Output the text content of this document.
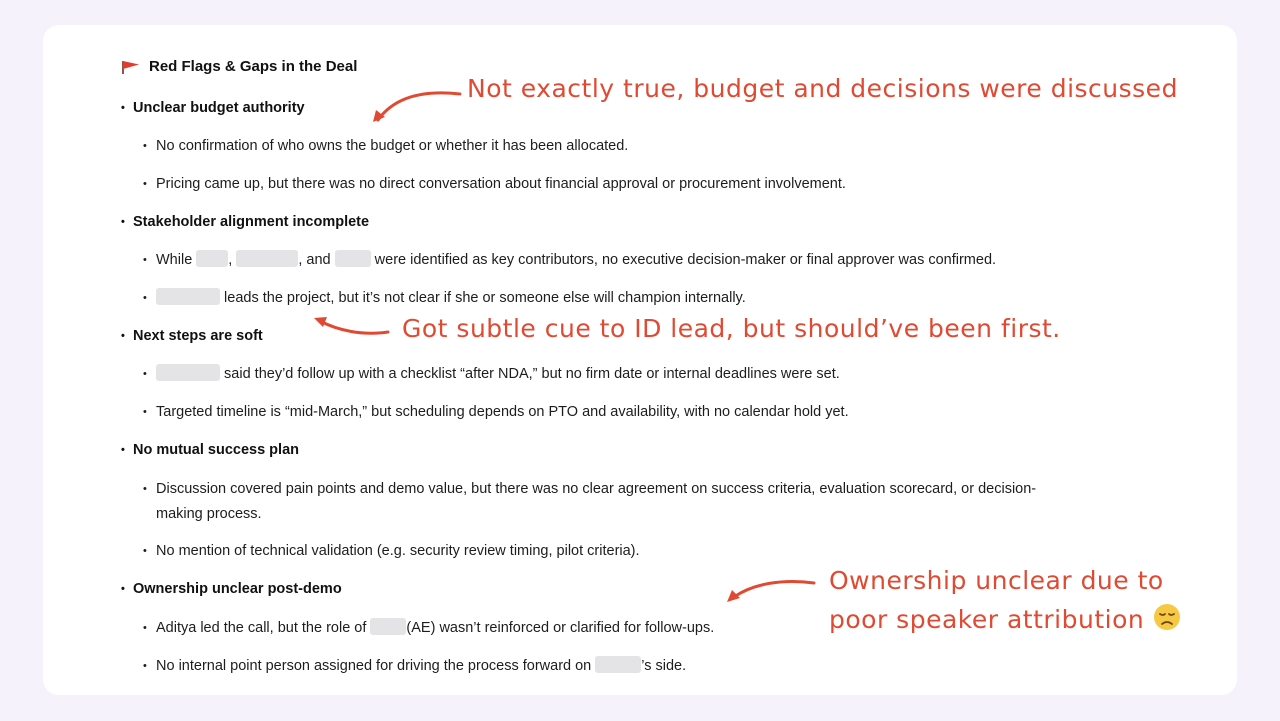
Red Flags & Gaps in the Deal
• Unclear budget authority
• No confirmation of who owns the budget or whether it has been allocated.
• Pricing came up, but there was no direct conversation about financial approval or procurement involvement.
• Stakeholder alignment incomplete
• While ,	, and	were identified as key contributors, no executive decision-maker or final approver was confirmed.
•	leads the project, but it’s not clear if she or someone else will champion internally.
• Next steps are soft
•	said they’d follow up with a checklist “after NDA,” but no firm date or internal deadlines were set.
• Targeted timeline is “mid-March,” but scheduling depends on PTO and availability, with no calendar hold yet.
• No mutual success plan
• Discussion covered pain points and demo value, but there was no clear agreement on success criteria, evaluation scorecard, or decision-
making process.
• No mention of technical validation (e.g. security review timing, pilot criteria).
• Ownership unclear post-demo
• Aditya led the call, but the role of	(AE) wasn’t reinforced or clarified for follow-ups.
• No internal point person assigned for driving the process forward on	’s side.
Not exactly true, budget and decisions were discussed
Got subtle cue to ID lead, but should’ve been first.
Ownership unclear due to
poor speaker attribution
